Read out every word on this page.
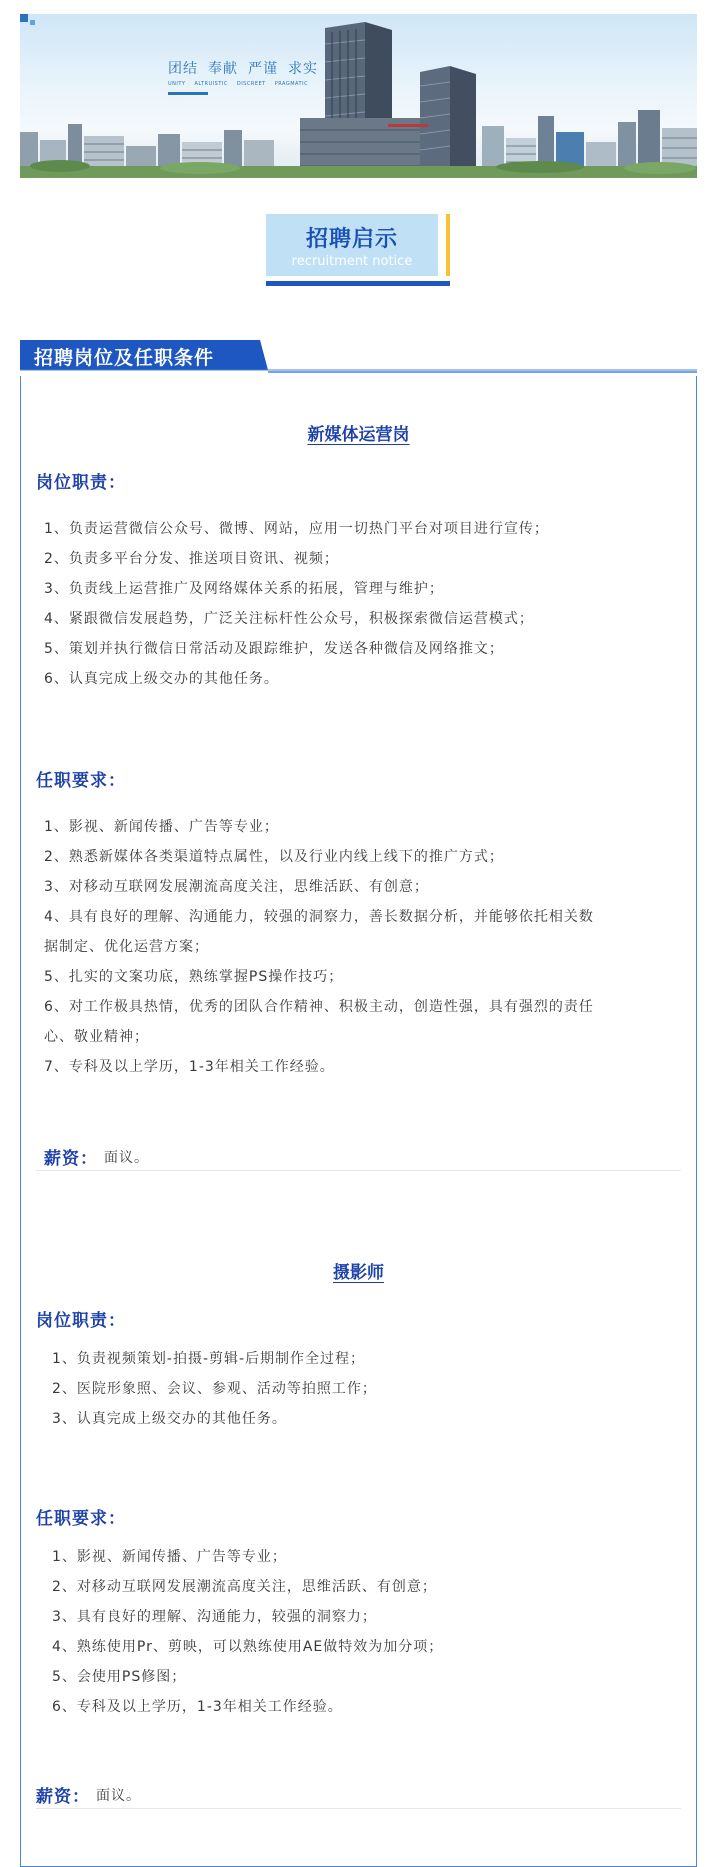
团结 奉献 严谨 求实
UNITY ALTRUISTIC DISCREET PRAGMATIC
招聘启示
recruitment notice
招聘岗位及任职条件
新媒体运营岗
岗位职责：
1、负责运营微信公众号、微博、网站，应用一切热门平台对项目进行宣传；
2、负责多平台分发、推送项目资讯、视频；
3、负责线上运营推广及网络媒体关系的拓展，管理与维护；
4、紧跟微信发展趋势，广泛关注标杆性公众号，积极探索微信运营模式；
5、策划并执行微信日常活动及跟踪维护，发送各种微信及网络推文；
6、认真完成上级交办的其他任务。
任职要求：
1、影视、新闻传播、广告等专业；
2、熟悉新媒体各类渠道特点属性，以及行业内线上线下的推广方式；
3、对移动互联网发展潮流高度关注，思维活跃、有创意；
4、具有良好的理解、沟通能力，较强的洞察力，善长数据分析，并能够依托相关数
据制定、优化运营方案；
5、扎实的文案功底，熟练掌握PS操作技巧；
6、对工作极具热情，优秀的团队合作精神、积极主动，创造性强，具有强烈的责任
心、敬业精神；
7、专科及以上学历，1-3年相关工作经验。
薪资： 面议。
摄影师
岗位职责：
1、负责视频策划-拍摄-剪辑-后期制作全过程；
2、医院形象照、会议、参观、活动等拍照工作；
3、认真完成上级交办的其他任务。
任职要求：
1、影视、新闻传播、广告等专业；
2、对移动互联网发展潮流高度关注，思维活跃、有创意；
3、具有良好的理解、沟通能力，较强的洞察力；
4、熟练使用Pr、剪映，可以熟练使用AE做特效为加分项；
5、会使用PS修图；
6、专科及以上学历，1-3年相关工作经验。
薪资： 面议。
